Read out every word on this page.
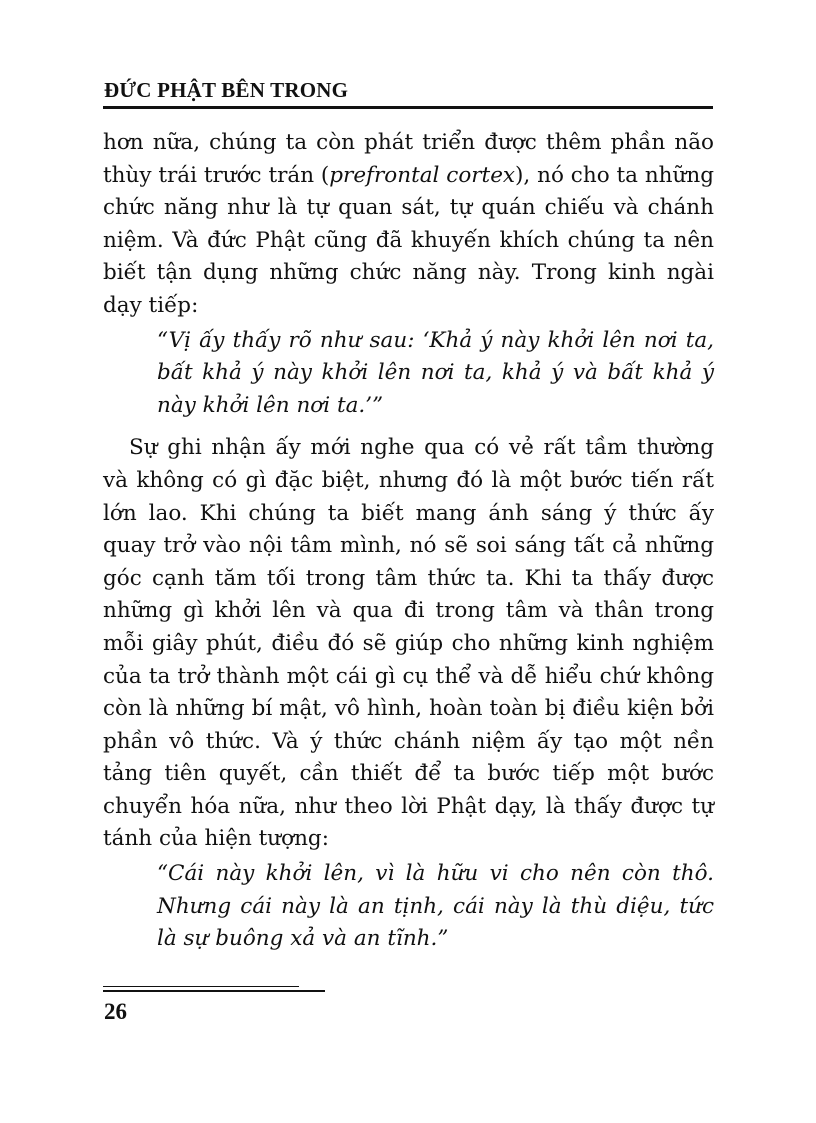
ĐỨC PHẬT BÊN TRONG

hơn nữa, chúng ta còn phát triển được thêm phần não thùy trái trước trán (prefrontal cortex), nó cho ta những chức năng như là tự quan sát, tự quán chiếu và chánh niệm. Và đức Phật cũng đã khuyến khích chúng ta nên biết tận dụng những chức năng này. Trong kinh ngài dạy tiếp:

“Vị ấy thấy rõ như sau: ‘Khả ý này khởi lên nơi ta, bất khả ý này khởi lên nơi ta, khả ý và bất khả ý này khởi lên nơi ta.’”

Sự ghi nhận ấy mới nghe qua có vẻ rất tầm thường và không có gì đặc biệt, nhưng đó là một bước tiến rất lớn lao. Khi chúng ta biết mang ánh sáng ý thức ấy quay trở vào nội tâm mình, nó sẽ soi sáng tất cả những góc cạnh tăm tối trong tâm thức ta. Khi ta thấy được những gì khởi lên và qua đi trong tâm và thân trong mỗi giây phút, điều đó sẽ giúp cho những kinh nghiệm của ta trở thành một cái gì cụ thể và dễ hiểu chứ không còn là những bí mật, vô hình, hoàn toàn bị điều kiện bởi phần vô thức. Và ý thức chánh niệm ấy tạo một nền tảng tiên quyết, cần thiết để ta bước tiếp một bước chuyển hóa nữa, như theo lời Phật dạy, là thấy được tự tánh của hiện tượng:

“Cái này khởi lên, vì là hữu vi cho nên còn thô. Nhưng cái này là an tịnh, cái này là thù diệu, tức là sự buông xả và an tĩnh.”

26
